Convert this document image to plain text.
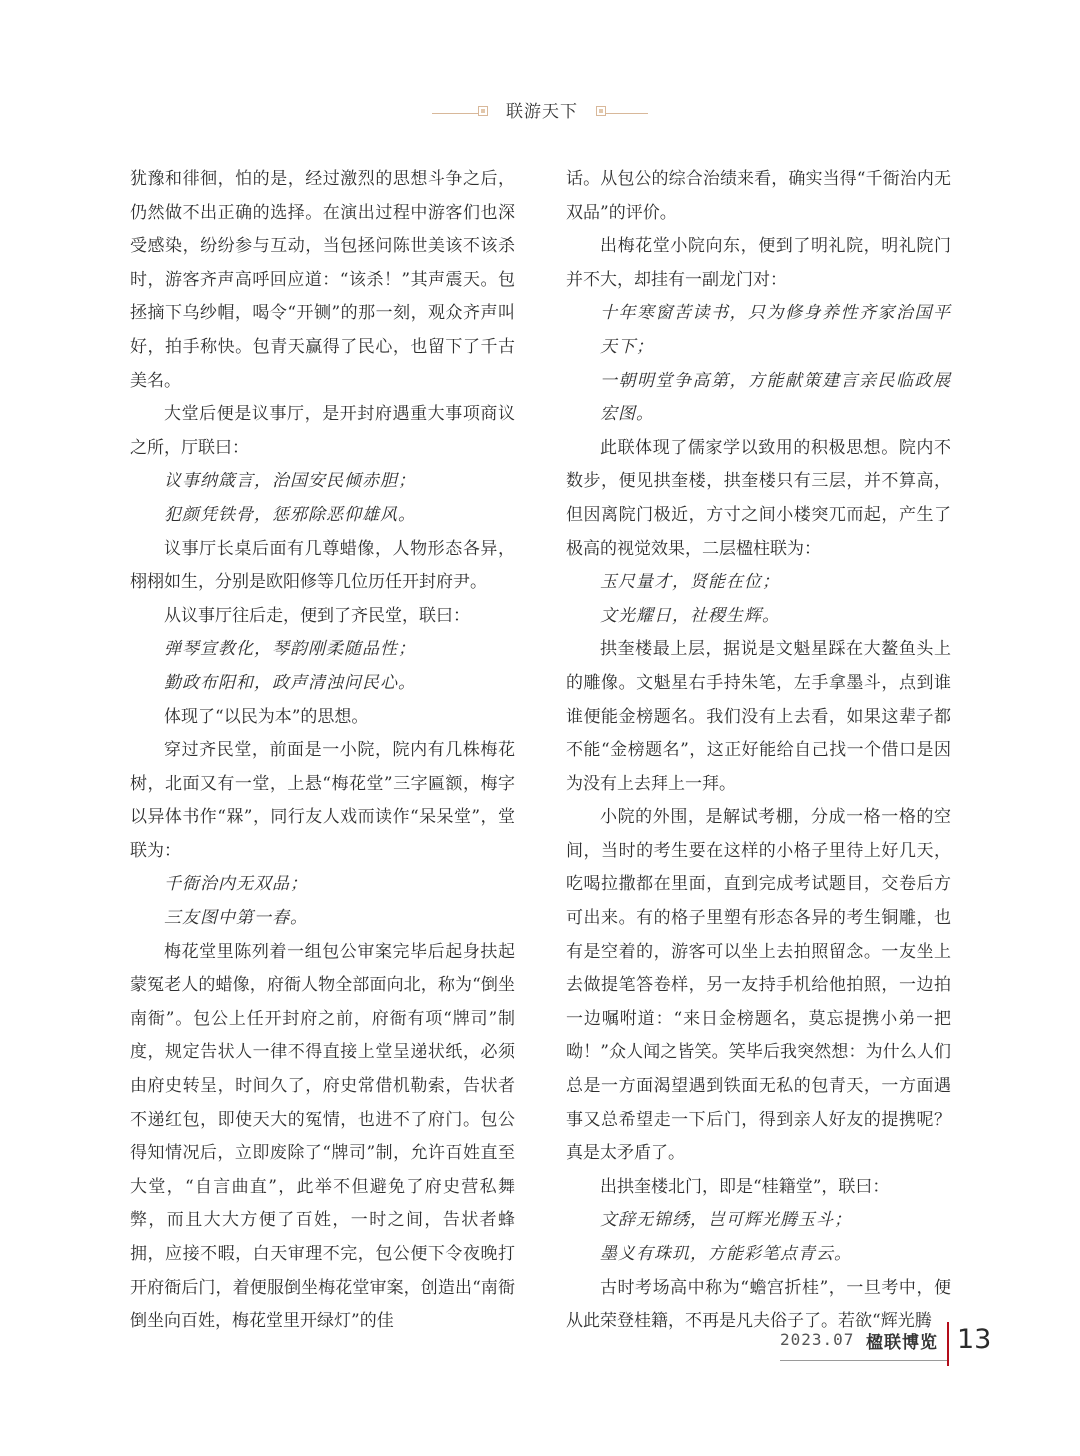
联游天下

犹豫和徘徊，怕的是，经过激烈的思想斗争之后，仍然做不出正确的选择。在演出过程中游客们也深受感染，纷纷参与互动，当包拯问陈世美该不该杀时，游客齐声高呼回应道：“该杀！”其声震天。包拯摘下乌纱帽，喝令“开铡”的那一刻，观众齐声叫好，拍手称快。包青天赢得了民心，也留下了千古美名。

大堂后便是议事厅，是开封府遇重大事项商议之所，厅联曰：

议事纳箴言，治国安民倾赤胆；

犯颜凭铁骨，惩邪除恶仰雄风。

议事厅长桌后面有几尊蜡像，人物形态各异，栩栩如生，分别是欧阳修等几位历任开封府尹。

从议事厅往后走，便到了齐民堂，联曰：

弹琴宣教化，琴韵刚柔随品性；

勤政布阳和，政声清浊问民心。

体现了“以民为本”的思想。

穿过齐民堂，前面是一小院，院内有几株梅花树，北面又有一堂，上悬“梅花堂”三字匾额，梅字以异体书作“槑”，同行友人戏而读作“呆呆堂”，堂联为：

千衙治内无双品；

三友图中第一春。

梅花堂里陈列着一组包公审案完毕后起身扶起蒙冤老人的蜡像，府衙人物全部面向北，称为“倒坐南衙”。包公上任开封府之前，府衙有项“牌司”制度，规定告状人一律不得直接上堂呈递状纸，必须由府史转呈，时间久了，府史常借机勒索，告状者不递红包，即使天大的冤情，也进不了府门。包公得知情况后，立即废除了“牌司”制，允许百姓直至大堂，“自言曲直”，此举不但避免了府史营私舞弊，而且大大方便了百姓，一时之间，告状者蜂拥，应接不暇，白天审理不完，包公便下令夜晚打开府衙后门，着便服倒坐梅花堂审案，创造出“南衙倒坐向百姓，梅花堂里开绿灯”的佳

话。从包公的综合治绩来看，确实当得“千衙治内无双品”的评价。

出梅花堂小院向东，便到了明礼院，明礼院门并不大，却挂有一副龙门对：

十年寒窗苦读书，只为修身养性齐家治国平天下；

一朝明堂争高第，方能献策建言亲民临政展宏图。

此联体现了儒家学以致用的积极思想。院内不数步，便见拱奎楼，拱奎楼只有三层，并不算高，但因离院门极近，方寸之间小楼突兀而起，产生了极高的视觉效果，二层楹柱联为：

玉尺量才，贤能在位；

文光耀日，社稷生辉。

拱奎楼最上层，据说是文魁星踩在大鳌鱼头上的雕像。文魁星右手持朱笔，左手拿墨斗，点到谁谁便能金榜题名。我们没有上去看，如果这辈子都不能“金榜题名”，这正好能给自己找一个借口是因为没有上去拜上一拜。

小院的外围，是解试考棚，分成一格一格的空间，当时的考生要在这样的小格子里待上好几天，吃喝拉撒都在里面，直到完成考试题目，交卷后方可出来。有的格子里塑有形态各异的考生铜雕，也有是空着的，游客可以坐上去拍照留念。一友坐上去做提笔答卷样，另一友持手机给他拍照，一边拍一边嘱咐道：“来日金榜题名，莫忘提携小弟一把呦！”众人闻之皆笑。笑毕后我突然想：为什么人们总是一方面渴望遇到铁面无私的包青天，一方面遇事又总希望走一下后门，得到亲人好友的提携呢？真是太矛盾了。

出拱奎楼北门，即是“桂籍堂”，联曰：

文辞无锦绣，岂可辉光腾玉斗；

墨义有珠玑，方能彩笔点青云。

古时考场高中称为“蟾宫折桂”，一旦考中，便从此荣登桂籍，不再是凡夫俗子了。若欲“辉光腾

2023.07 楹联博览 13
